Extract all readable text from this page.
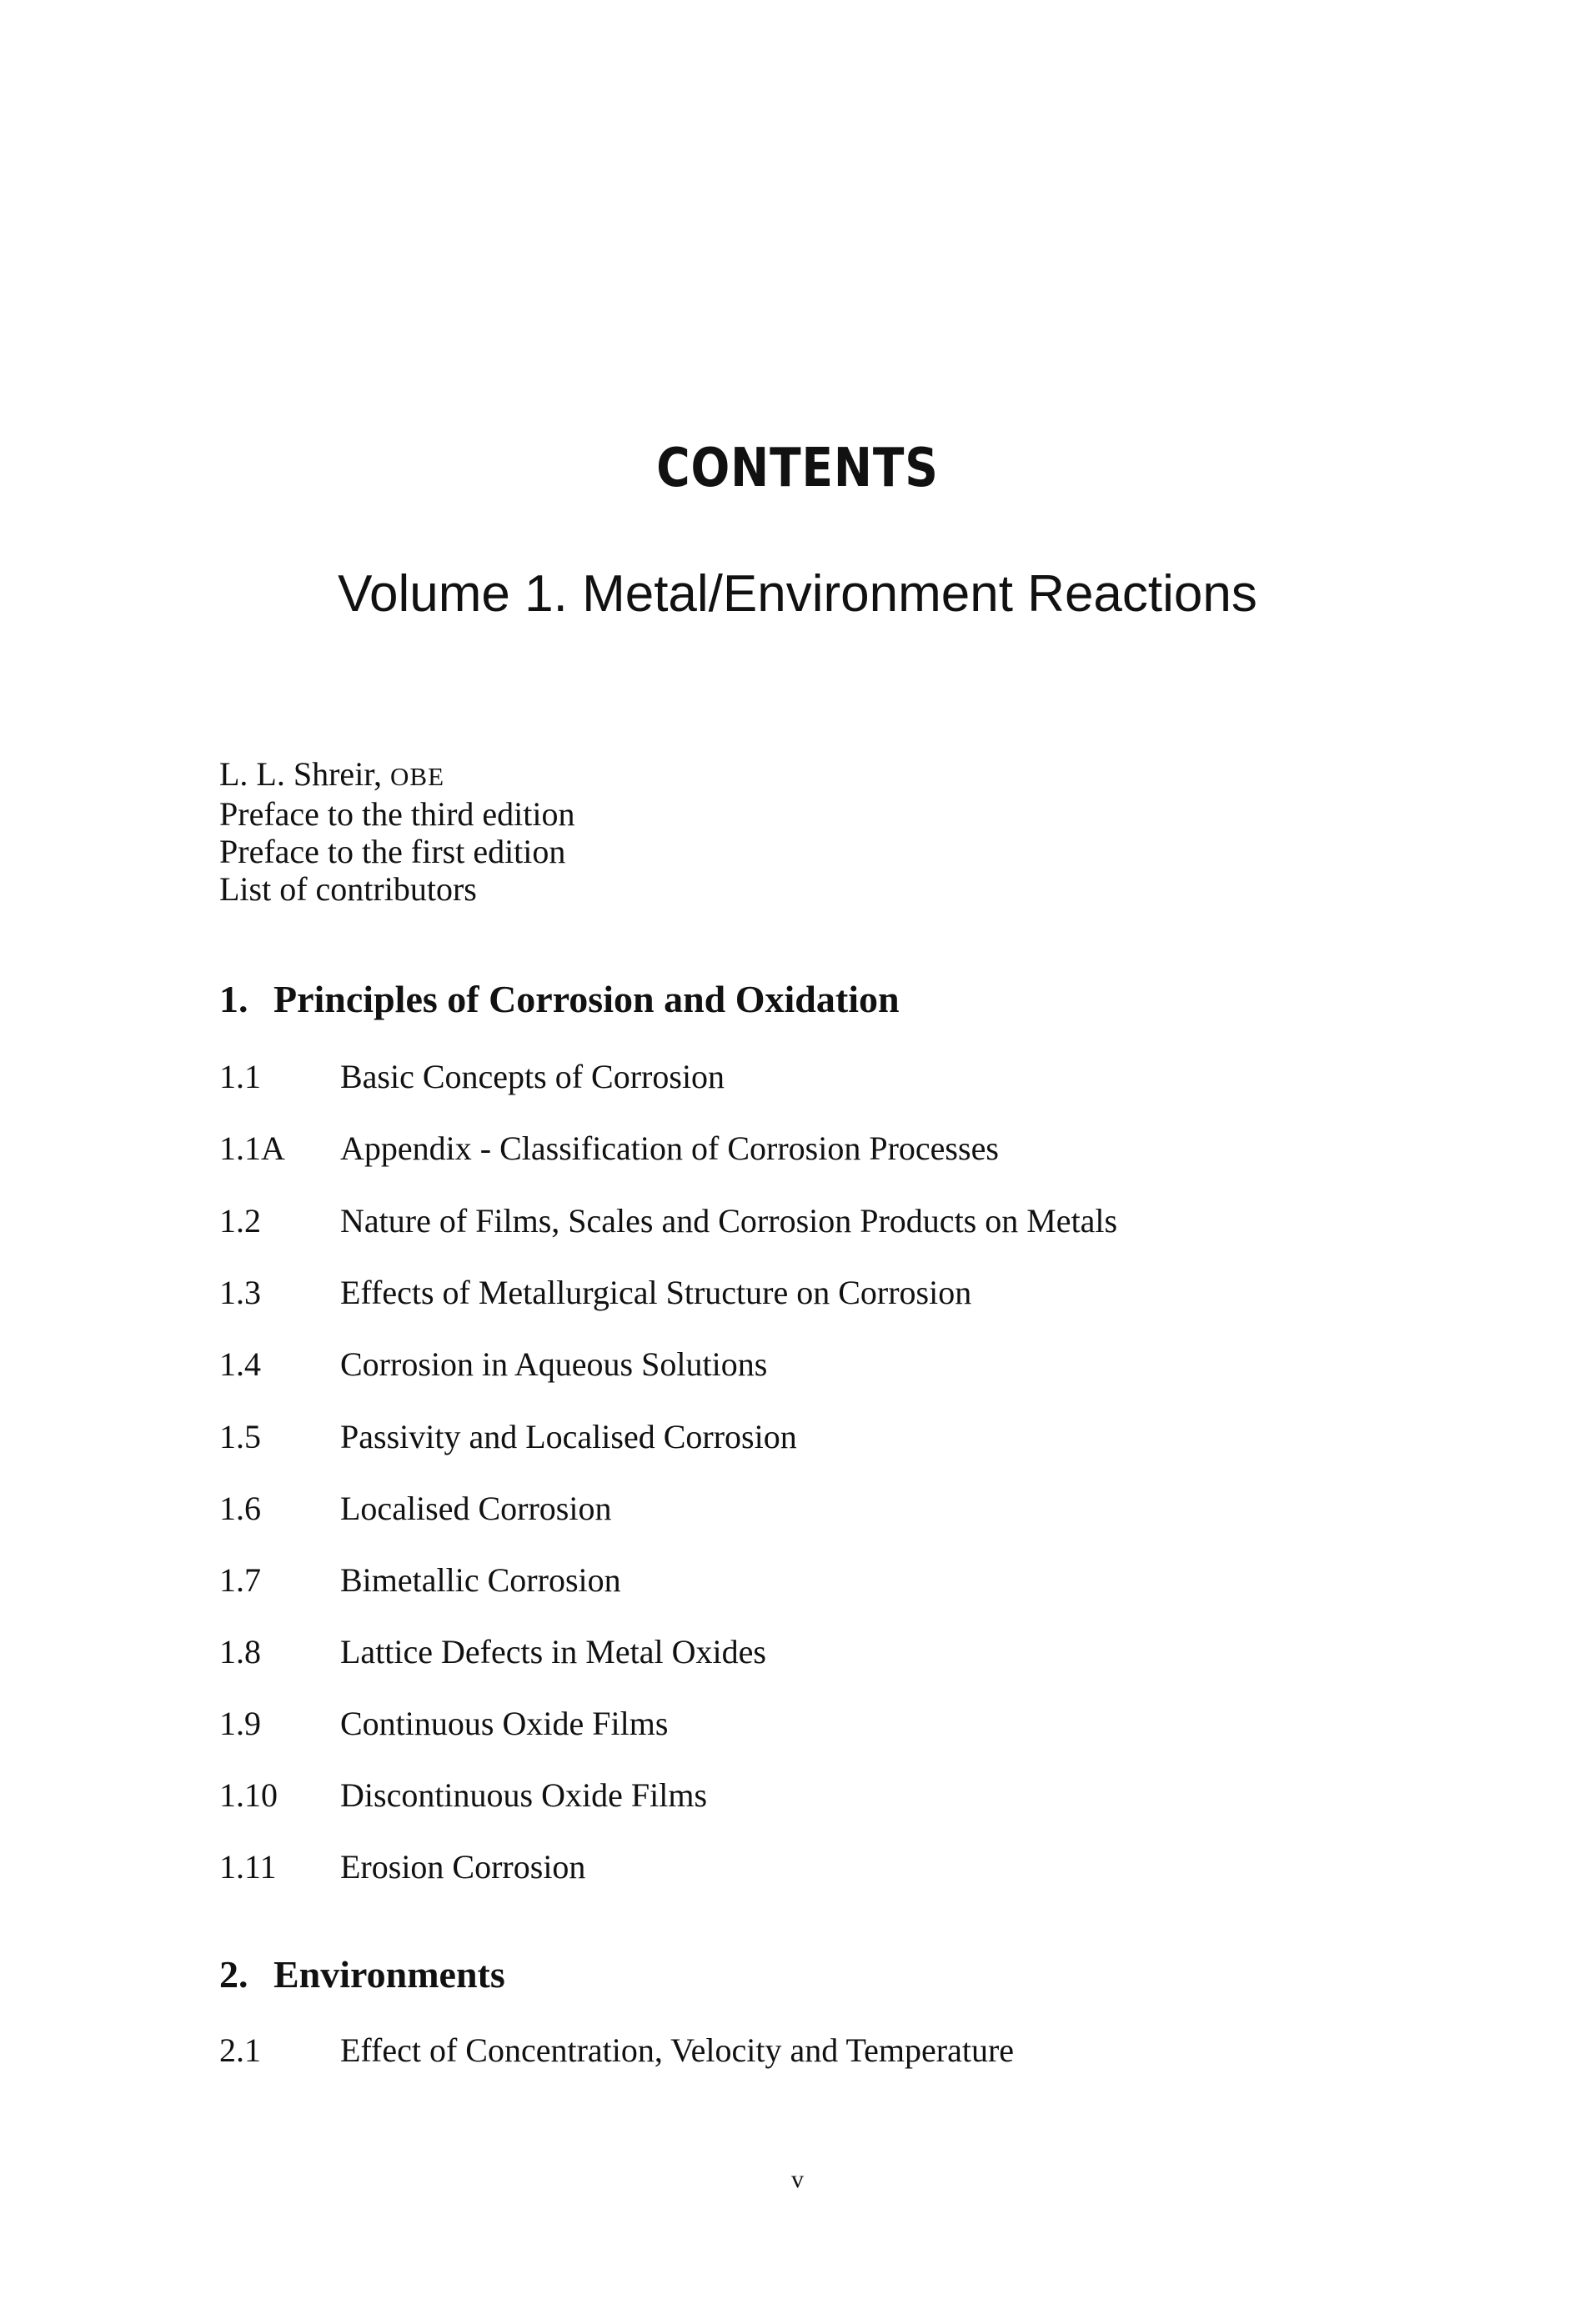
CONTENTS
Volume 1. Metal/Environment Reactions
L. L. Shreir, OBE
Preface to the third edition
Preface to the first edition
List of contributors
1. Principles of Corrosion and Oxidation
1.1 Basic Concepts of Corrosion
1.1A Appendix - Classification of Corrosion Processes
1.2 Nature of Films, Scales and Corrosion Products on Metals
1.3 Effects of Metallurgical Structure on Corrosion
1.4 Corrosion in Aqueous Solutions
1.5 Passivity and Localised Corrosion
1.6 Localised Corrosion
1.7 Bimetallic Corrosion
1.8 Lattice Defects in Metal Oxides
1.9 Continuous Oxide Films
1.10 Discontinuous Oxide Films
1.11 Erosion Corrosion
2. Environments
2.1 Effect of Concentration, Velocity and Temperature
v
